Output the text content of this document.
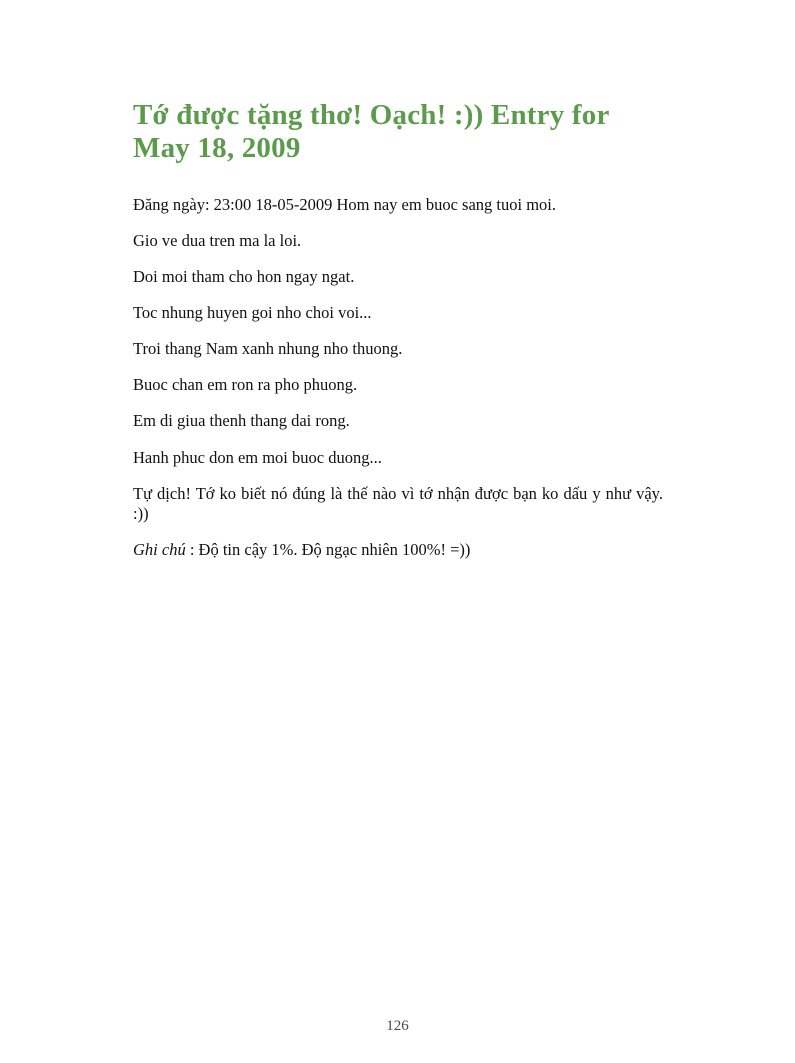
Tớ được tặng thơ! Oạch! :)) Entry for May 18, 2009

Đăng ngày: 23:00 18-05-2009 Hom nay em buoc sang tuoi moi.

Gio ve dua tren ma la loi.

Doi moi tham cho hon ngay ngat.

Toc nhung huyen goi nho choi voi...

Troi thang Nam xanh nhung nho thuong.

Buoc chan em ron ra pho phuong.

Em di giua thenh thang dai rong.

Hanh phuc don em moi buoc duong...

Tự dịch! Tớ ko biết nó đúng là thế nào vì tớ nhận được bạn ko dấu y như vậy. :))

Ghi chú : Độ tin cậy 1%. Độ ngạc nhiên 100%! =))

126
